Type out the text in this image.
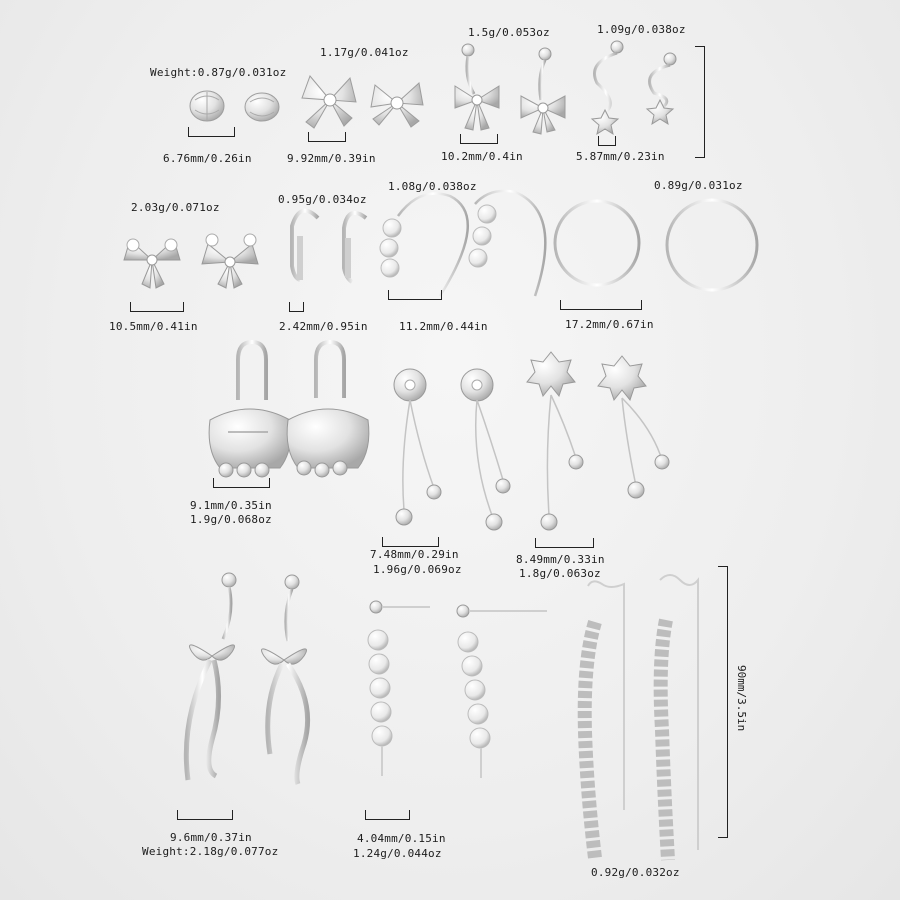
Weight:0.87g/0.031oz
6.76mm/0.26in
1.17g/0.041oz
9.92mm/0.39in
1.5g/0.053oz
10.2mm/0.4in
1.09g/0.038oz
5.87mm/0.23in
2.03g/0.071oz
10.5mm/0.41in
0.95g/0.034oz
2.42mm/0.95in
1.08g/0.038oz
11.2mm/0.44in
0.89g/0.031oz
17.2mm/0.67in
9.1mm/0.35in
1.9g/0.068oz
7.48mm/0.29in
1.96g/0.069oz
8.49mm/0.33in
1.8g/0.063oz
9.6mm/0.37in
Weight:2.18g/0.077oz
4.04mm/0.15in
1.24g/0.044oz
0.92g/0.032oz
90mm/3.5in
